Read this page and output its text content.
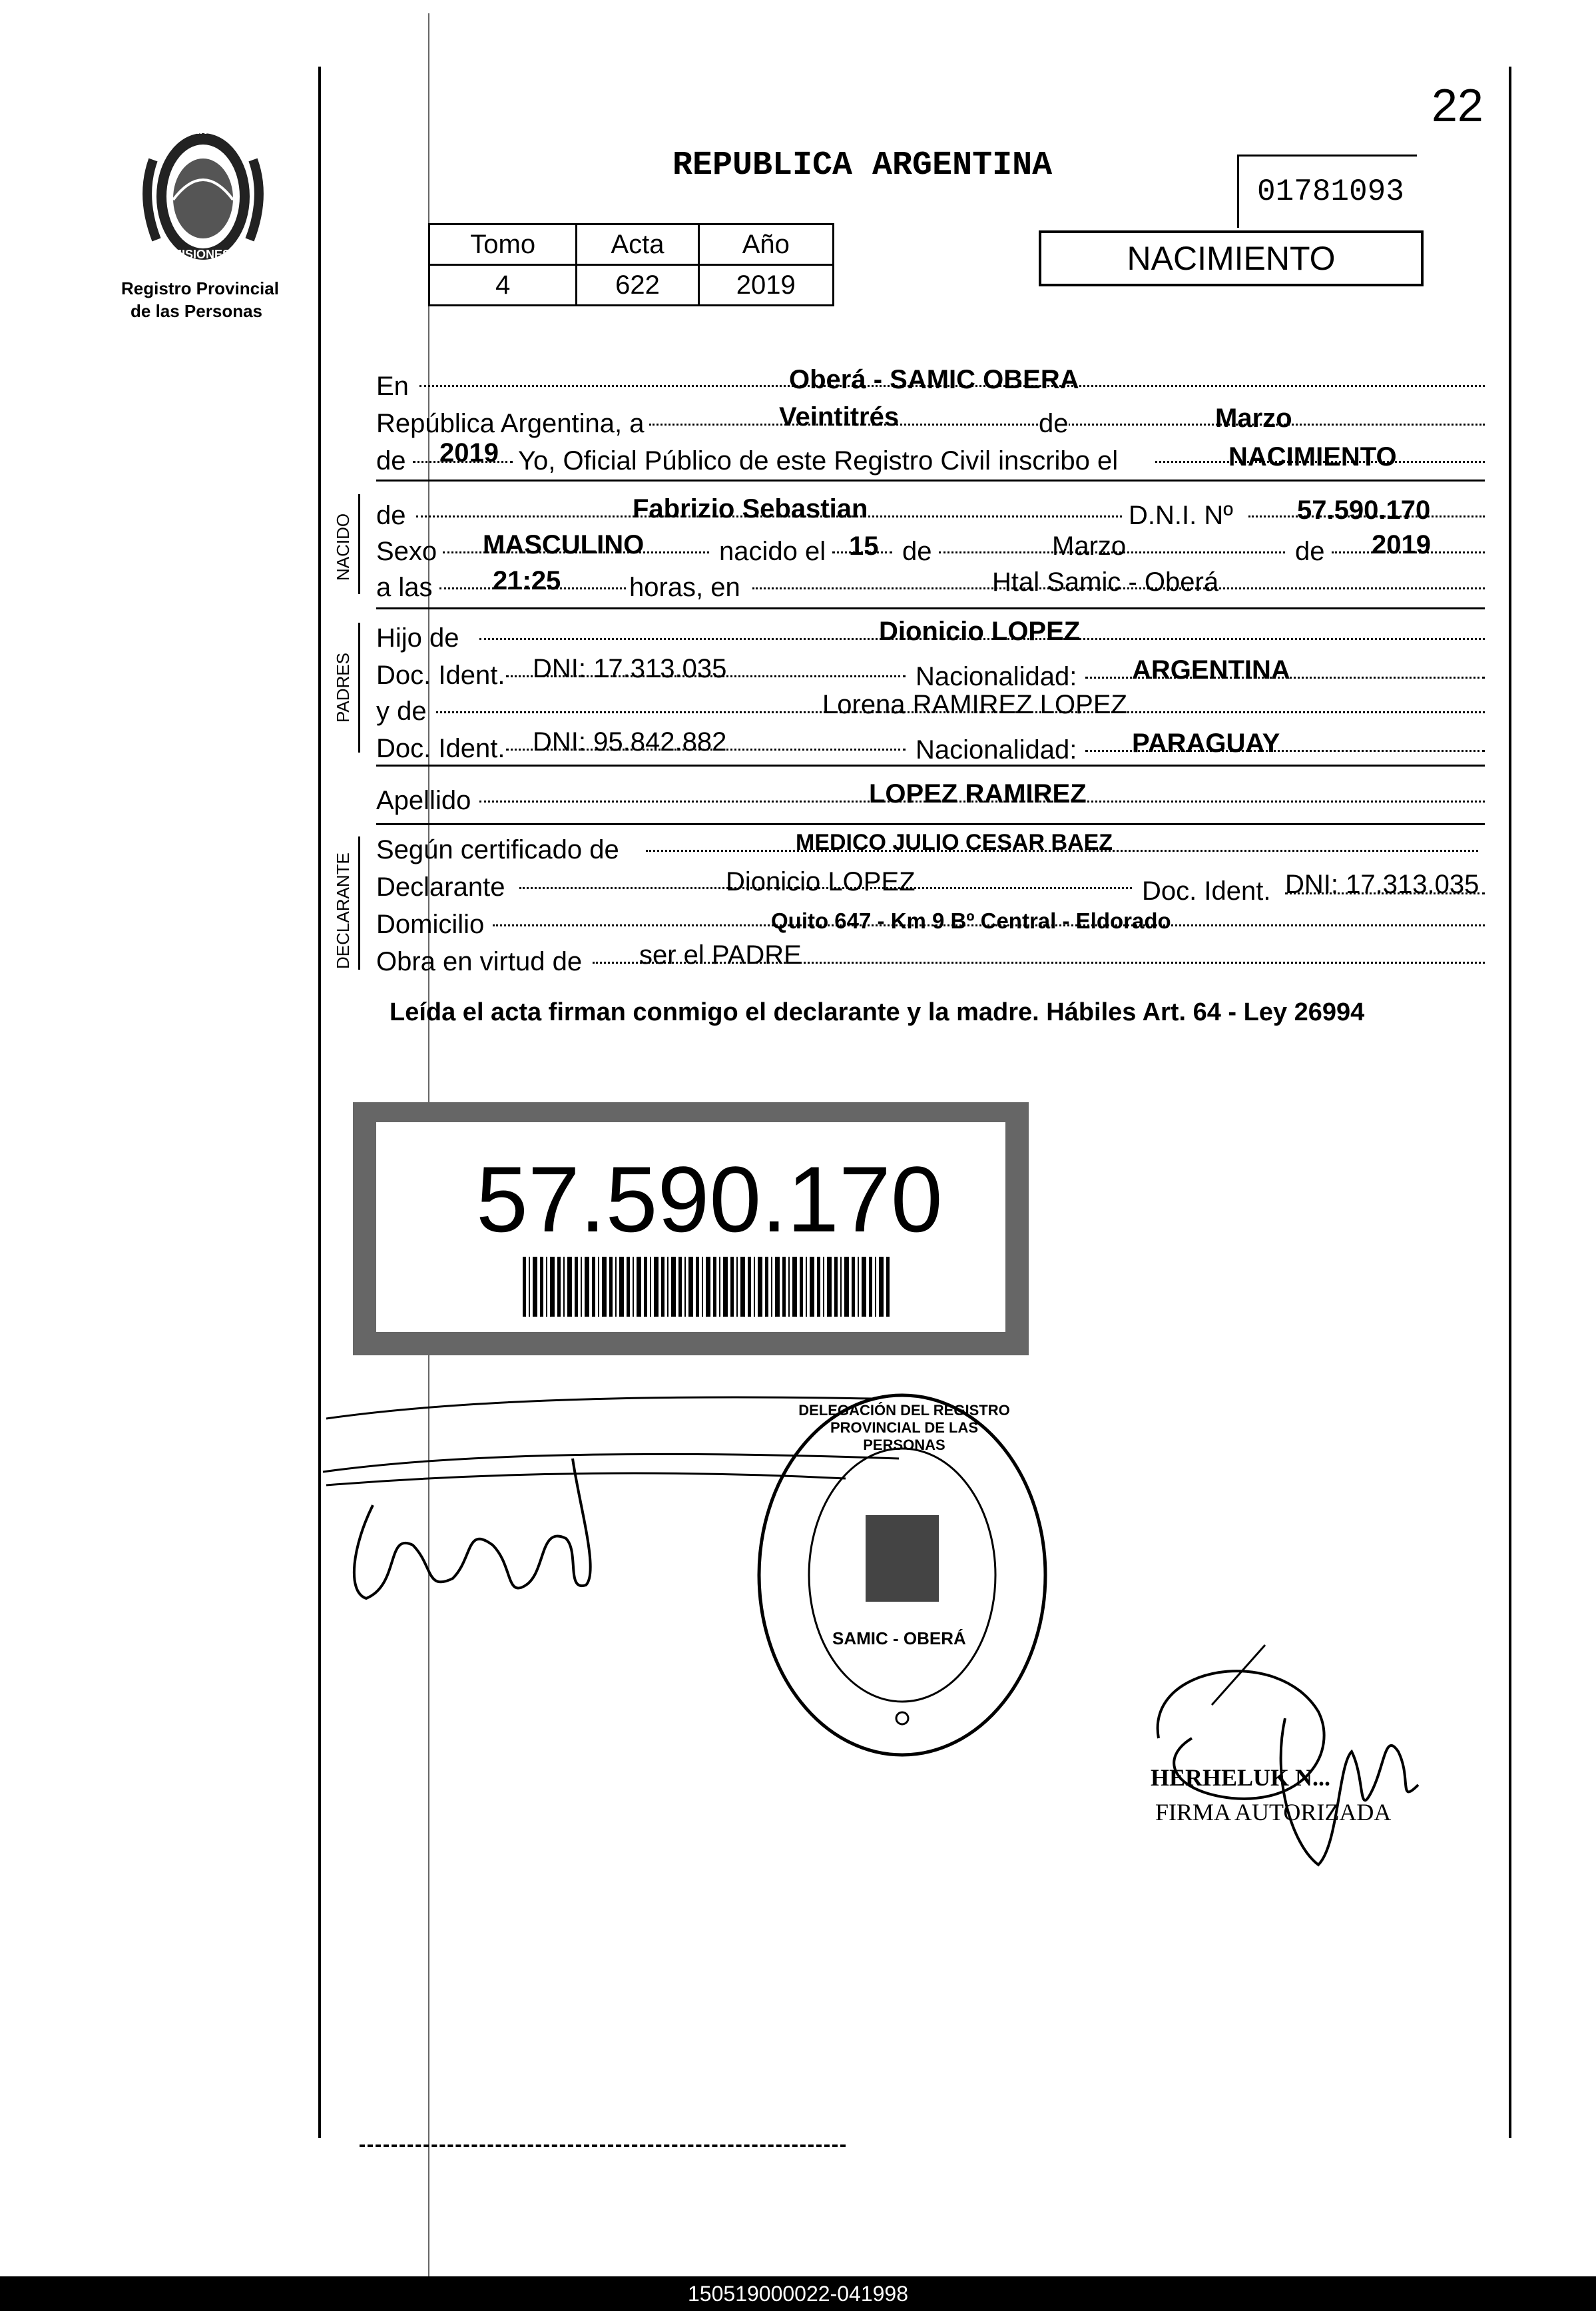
PROVINCIA DE
MISIONES
Registro Provincial
de las Personas
22
REPUBLICA ARGENTINA
01781093
Tomo	Acta	Año
4	622	2019
NACIMIENTO
En	Oberá - SAMIC OBERA
República Argentina, a	Veintitrés	de	Marzo
de 2019 Yo, Oficial Público de este Registro Civil inscribo el	NACIMIENTO
NACIDO de	Fabrizio Sebastian	D.N.I. Nº 57.590.170
Sexo MASCULINO	nacido el 15 de	Marzo	de 2019
a las 21:25	horas, en	Htal Samic - Oberá
PADRES
Hijo de	Dionicio LOPEZ
Doc. Ident. DNI: 17.313.035	Nacionalidad: ARGENTINA
y de	Lorena RAMIREZ LOPEZ
Doc. Ident. DNI: 95.842.882	Nacionalidad: PARAGUAY
Apellido	LOPEZ RAMIREZ
DECLARANTE
Según certificado de	MEDICO JULIO CESAR BAEZ
Declarante	Dionicio LOPEZ	Doc. Ident. DNI: 17.313.035
Domicilio	Quito 647 - Km 9 Bº Central - Eldorado
Obra en virtud de ser el PADRE
Leída el acta firman conmigo el declarante y la madre. Hábiles Art. 64 - Ley 26994
57.590.170
DELEGACIÓN DEL REGISTRO PROVINCIAL DE LAS PERSONAS
SAMIC - OBERÁ
HERHELUK N...
FIRMA AUTORIZADA
150519000022-041998
